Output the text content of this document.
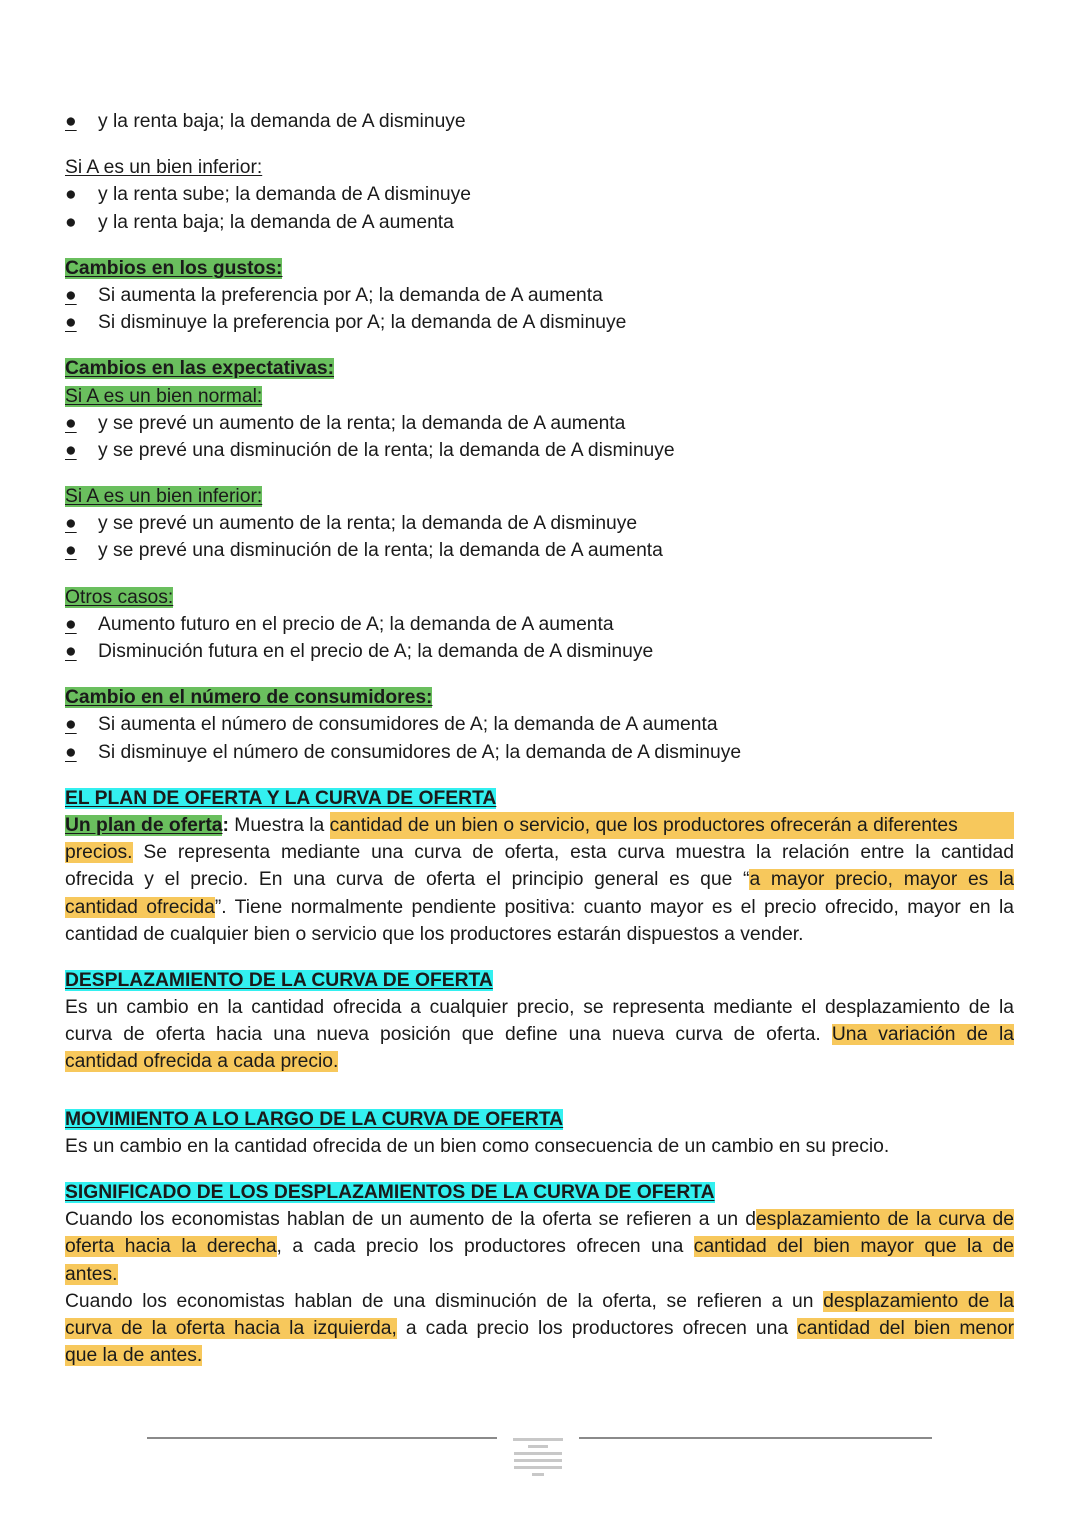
● y la renta baja; la demanda de A disminuye
Si A es un bien inferior:
● y la renta sube; la demanda de A disminuye
● y la renta baja; la demanda de A aumenta
Cambios en los gustos:
● Si aumenta la preferencia por A; la demanda de A aumenta
● Si disminuye la preferencia por A; la demanda de A disminuye
Cambios en las expectativas:
Si A es un bien normal:
● y se prevé un aumento de la renta; la demanda de A aumenta
● y se prevé una disminución de la renta; la demanda de A disminuye
Si A es un bien inferior:
● y se prevé un aumento de la renta; la demanda de A disminuye
● y se prevé una disminución de la renta; la demanda de A aumenta
Otros casos:
● Aumento futuro en el precio de A; la demanda de A aumenta
● Disminución futura en el precio de A; la demanda de A disminuye
Cambio en el número de consumidores:
● Si aumenta el número de consumidores de A; la demanda de A aumenta
● Si disminuye el número de consumidores de A; la demanda de A disminuye
EL PLAN DE OFERTA Y LA CURVA DE OFERTA
Un plan de oferta: Muestra la cantidad de un bien o servicio, que los productores ofrecerán a diferentes
precios. Se representa mediante una curva de oferta, esta curva muestra la relación entre la cantidad
ofrecida y el precio. En una curva de oferta el principio general es que “a mayor precio, mayor es la
cantidad ofrecida”. Tiene normalmente pendiente positiva: cuanto mayor es el precio ofrecido, mayor en la
cantidad de cualquier bien o servicio que los productores estarán dispuestos a vender.
DESPLAZAMIENTO DE LA CURVA DE OFERTA
Es un cambio en la cantidad ofrecida a cualquier precio, se representa mediante el desplazamiento de la
curva de oferta hacia una nueva posición que define una nueva curva de oferta. Una variación de la
cantidad ofrecida a cada precio.
MOVIMIENTO A LO LARGO DE LA CURVA DE OFERTA
Es un cambio en la cantidad ofrecida de un bien como consecuencia de un cambio en su precio.
SIGNIFICADO DE LOS DESPLAZAMIENTOS DE LA CURVA DE OFERTA
Cuando los economistas hablan de un aumento de la oferta se refieren a un desplazamiento de la curva de
oferta hacia la derecha, a cada precio los productores ofrecen una cantidad del bien mayor que la de
antes.
Cuando los economistas hablan de una disminución de la oferta, se refieren a un desplazamiento de la
curva de la oferta hacia la izquierda, a cada precio los productores ofrecen una cantidad del bien menor
que la de antes.
